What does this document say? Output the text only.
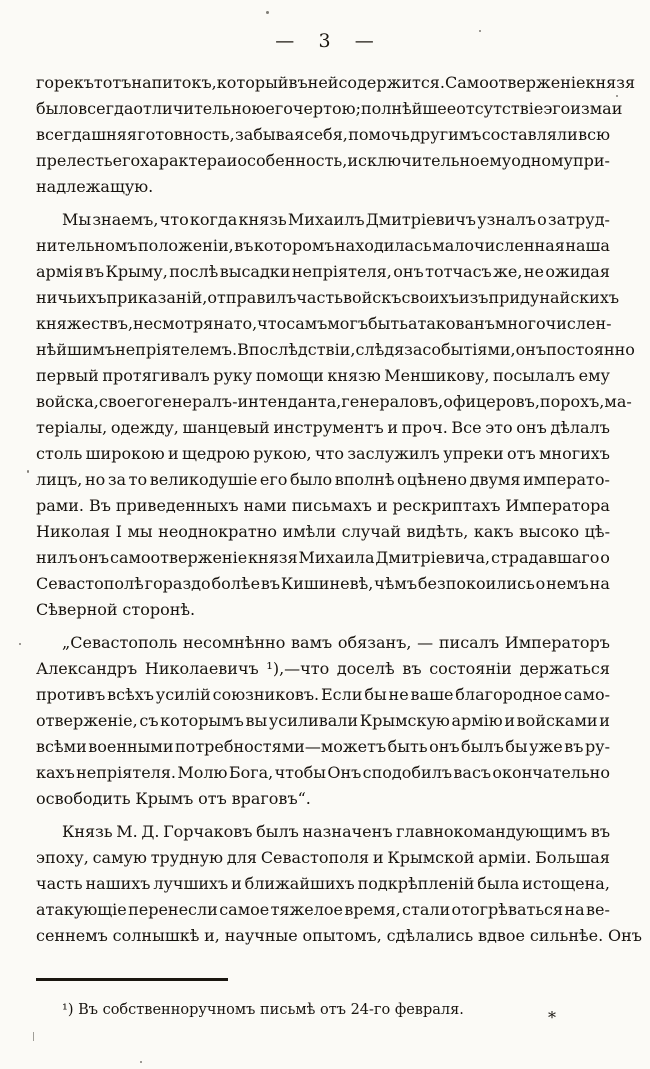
— 3 —
горекъ тотъ напитокъ, который въ ней содержится. Самоотверженіе князя
было всегда отличительною его чертою; полнѣйшее отсутствіе эгоизма и
всегдашняя готовность, забывая себя, помочь другимъ составляли всю
прелесть его характера и особенность, исключительно ему одному при-
надлежащую.
Мы знаемъ, что когда князь Михаилъ Дмитріевичъ узналъ о затруд-
нительномъ положеніи, въ которомъ находилась малочисленная наша
армія въ Крыму, послѣ высадки непріятеля, онъ тотчасъ же, не ожидая
ни чьихъ приказаній, отправилъ часть войскъ своихъ изъ придунайскихъ
княжествъ, несмотря на то, что самъ могъ быть атакованъ многочислен-
нѣйшимъ непріятелемъ. Впослѣдствіи, слѣдя за событіями, онъ постоянно
первый протягивалъ руку помощи князю Меншикову, посылалъ ему
войска, своего генералъ-интенданта, генераловъ, офицеровъ, порохъ, ма-
теріалы, одежду, шанцевый инструментъ и проч. Все это онъ дѣлалъ
столь широкою и щедрою рукою, что заслужилъ упреки отъ многихъ
лицъ, но за то великодушіе его было вполнѣ оцѣнено двумя императо-
рами. Въ приведенныхъ нами письмахъ и рескриптахъ Императора
Николая I мы неоднократно имѣли случай видѣть, какъ высоко цѣ-
нилъ онъ самоотверженіе князя Михаила Дмитріевича, страдавшаго о
Севастополѣ гораздо болѣе въ Кишиневѣ, чѣмъ безпокоились о немъ на
Сѣверной сторонѣ.
„Севастополь несомнѣнно вамъ обязанъ, — писалъ Императоръ
Александръ Николаевичъ ¹),—что доселѣ въ состояніи держаться
противъ всѣхъ усилій союзниковъ. Если бы не ваше благородное само-
отверженіе, съ которымъ вы усиливали Крымскую армію и войсками и
всѣми военными потребностями—можетъ быть онъ былъ бы уже въ ру-
кахъ непріятеля. Молю Бога, чтобы Онъ сподобилъ васъ окончательно
освободить Крымъ отъ враговъ“.
Князь М. Д. Горчаковъ былъ назначенъ главнокомандующимъ въ
эпоху, самую трудную для Севастополя и Крымской арміи. Большая
часть нашихъ лучшихъ и ближайшихъ подкрѣпленій была истощена,
атакующіе перенесли самое тяжелое время, стали отогрѣваться на ве-
сеннемъ солнышкѣ и, научные опытомъ, сдѣлались вдвое сильнѣе. Онъ
¹) Въ собственноручномъ письмѣ отъ 24-го февраля.	*
